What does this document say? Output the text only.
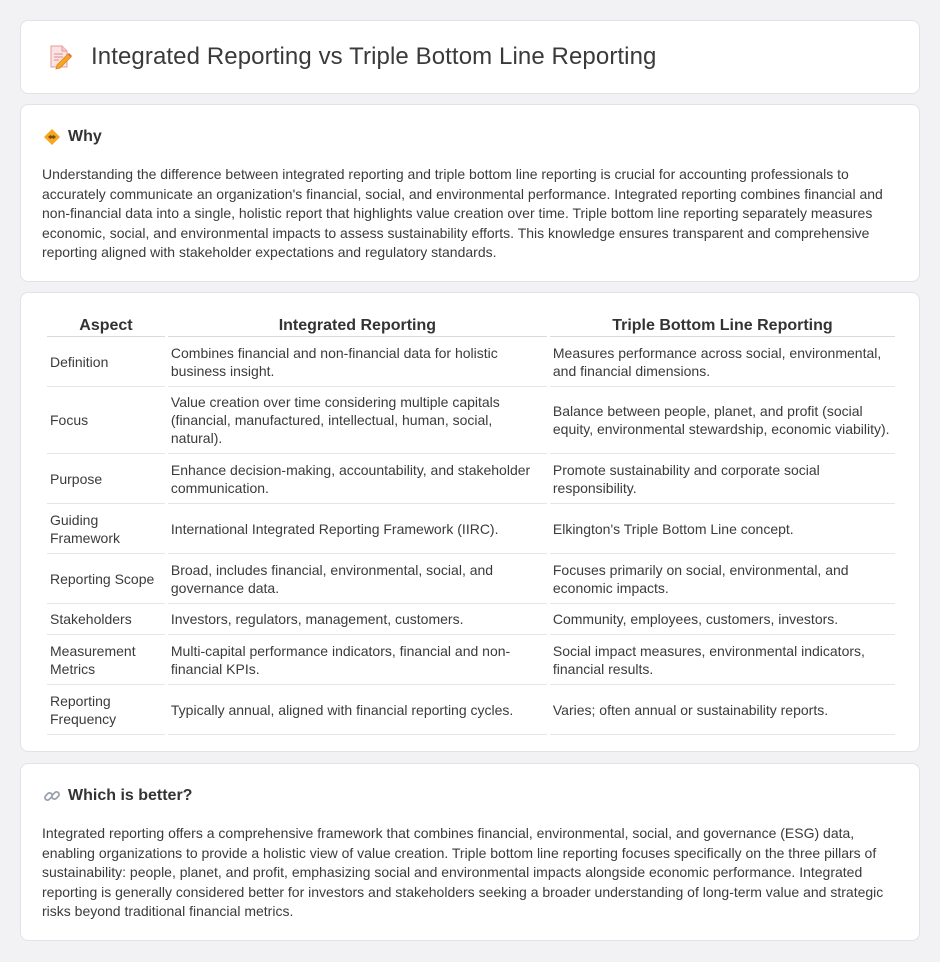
Integrated Reporting vs Triple Bottom Line Reporting
Why

Understanding the difference between integrated reporting and triple bottom line reporting is crucial for accounting professionals to accurately communicate an organization's financial, social, and environmental performance. Integrated reporting combines financial and non-financial data into a single, holistic report that highlights value creation over time. Triple bottom line reporting separately measures economic, social, and environmental impacts to assess sustainability efforts. This knowledge ensures transparent and comprehensive reporting aligned with stakeholder expectations and regulatory standards.

Aspect	Integrated Reporting	Triple Bottom Line Reporting
Definition	Combines financial and non-financial data for holistic business insight.	Measures performance across social, environmental, and financial dimensions.
Focus	Value creation over time considering multiple capitals (financial, manufactured, intellectual, human, social, natural).	Balance between people, planet, and profit (social equity, environmental stewardship, economic viability).
Purpose	Enhance decision-making, accountability, and stakeholder communication.	Promote sustainability and corporate social responsibility.
Guiding Framework	International Integrated Reporting Framework (IIRC).	Elkington's Triple Bottom Line concept.
Reporting Scope	Broad, includes financial, environmental, social, and governance data.	Focuses primarily on social, environmental, and economic impacts.
Stakeholders	Investors, regulators, management, customers.	Community, employees, customers, investors.
Measurement Metrics	Multi-capital performance indicators, financial and non-financial KPIs.	Social impact measures, environmental indicators, financial results.
Reporting Frequency	Typically annual, aligned with financial reporting cycles.	Varies; often annual or sustainability reports.
Which is better?

Integrated reporting offers a comprehensive framework that combines financial, environmental, social, and governance (ESG) data, enabling organizations to provide a holistic view of value creation. Triple bottom line reporting focuses specifically on the three pillars of sustainability: people, planet, and profit, emphasizing social and environmental impacts alongside economic performance. Integrated reporting is generally considered better for investors and stakeholders seeking a broader understanding of long-term value and strategic risks beyond traditional financial metrics.
